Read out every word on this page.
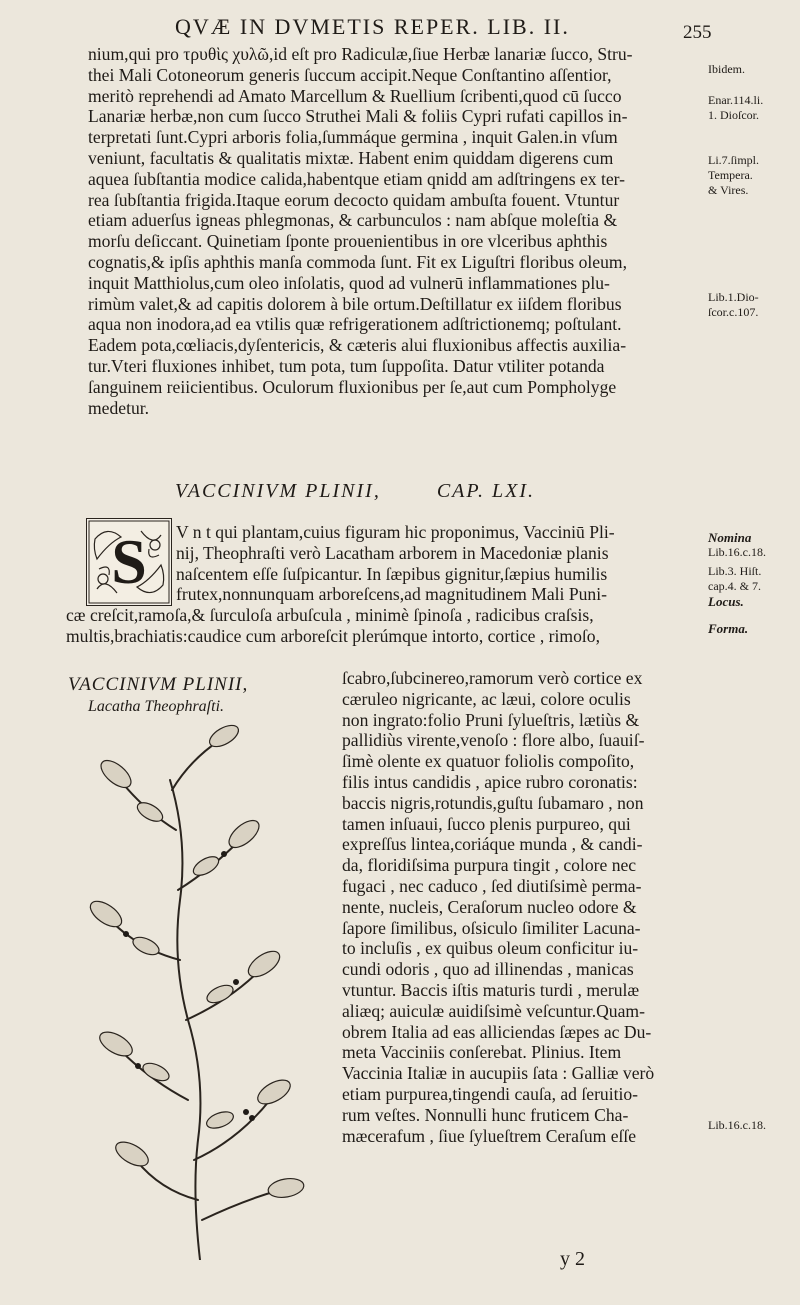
QVÆ IN DVMETIS REPER. LIB. II.	255

nium,qui pro τρυθὶς χυλῶ,id eſt pro Radiculæ,ſiue Herbæ lanariæ ſucco, Stru-

thei Mali Cotoneorum generis ſuccum accipit.Neque Conſtantino aſſentior,

meritò reprehendi ad Amato Marcellum & Ruellium ſcribenti,quod cū ſucco

Lanariæ herbæ,non cum ſucco Struthei Mali & foliis Cypri rufati capillos in-

terpretati ſunt.Cypri arboris folia,ſummáque germina , inquit Galen.in vſum

veniunt, facultatis & qualitatis mixtæ. Habent enim quiddam digerens cum

aquea ſubſtantia modice calida,habentque etiam qnidd am adſtringens ex ter-

rea ſubſtantia frigida.Itaque eorum decocto quidam ambuſta fouent. Vtuntur

etiam aduerſus igneas phlegmonas, & carbunculos : nam abſque moleſtia &

morſu deſiccant. Quinetiam ſponte prouenientibus in ore vlceribus aphthis

cognatis,& ipſis aphthis manſa commoda ſunt. Fit ex Liguſtri floribus oleum,

inquit Matthiolus,cum oleo inſolatis, quod ad vulnerū inflammationes plu-

rimùm valet,& ad capitis dolorem à bile ortum.Deſtillatur ex iiſdem floribus

aqua non inodora,ad ea vtilis quæ refrigerationem adſtrictionemq; poſtulant.

Eadem pota,cœliacis,dyſentericis, & cæteris alui fluxionibus affectis auxilia-

tur.Vteri fluxiones inhibet, tum pota, tum ſuppoſita. Datur vtiliter potanda

ſanguinem reiicientibus. Oculorum fluxionibus per ſe,aut cum Pompholyge

medetur.

Ibidem.
Enar.114.li.
1. Dioſcor.
Li.7.ſimpl.
Tempera.
& Vires.
Lib.1.Dio-
ſcor.c.107.
VACCINIVM PLINII,        CAP. LXI.
S V n t qui plantam,cuius figuram hic proponimus, Vacciniū Pli-

nij, Theophraſti verò Lacatham arborem in Macedoniæ planis

naſcentem eſſe ſuſpicantur. In ſæpibus gignitur,ſæpius humilis

frutex,nonnunquam arboreſcens,ad magnitudinem Mali Puni-

cæ creſcit,ramoſa,& ſurculoſa arbuſcula , minimè ſpinoſa , radicibus craſsis,

multis,brachiatis:caudice cum arboreſcit plerúmque intorto, cortice , rimoſo,

VACCINIVM PLINII,
Lacatha Theophraſti.

ſcabro,ſubcinereo,ramorum verò cortice ex

cæruleo nigricante, ac læui, colore oculis

non ingrato:folio Pruni ſylueſtris, lætiùs &

pallidiùs virente,venoſo : flore albo, ſuauiſ-

ſimè olente ex quatuor foliolis compoſito,

filis intus candidis , apice rubro coronatis:

baccis nigris,rotundis,guſtu ſubamaro , non

tamen inſuaui, ſucco plenis purpureo, qui

expreſſus lintea,coriáque munda , & candi-

da, floridiſsima purpura tingit , colore nec

fugaci , nec caduco , ſed diutiſsimè perma-

nente, nucleis, Ceraſorum nucleo odore &

ſapore ſimilibus, oſsiculo ſimiliter Lacuna-

to incluſis , ex quibus oleum conficitur iu-

cundi odoris , quo ad illinendas , manicas

vtuntur. Baccis iſtis maturis turdi , merulæ

aliæq; auiculæ auidiſsimè veſcuntur.Quam-

obrem Italia ad eas alliciendas ſæpes ac Du-

meta Vacciniis conſerebat. Plinius. Item

Vaccinia Italiæ in aucupiis ſata : Galliæ verò

etiam purpurea,tingendi cauſa, ad ſeruitio-

rum veſtes. Nonnulli hunc fruticem Cha-

mæcerafum , ſiue ſylueſtrem Ceraſum eſſe

Nomina
Lib.16.c.18.
Lib.3. Hiſt.
cap.4. & 7.
Locus.
Forma.
Lib.16.c.18.
y 2
